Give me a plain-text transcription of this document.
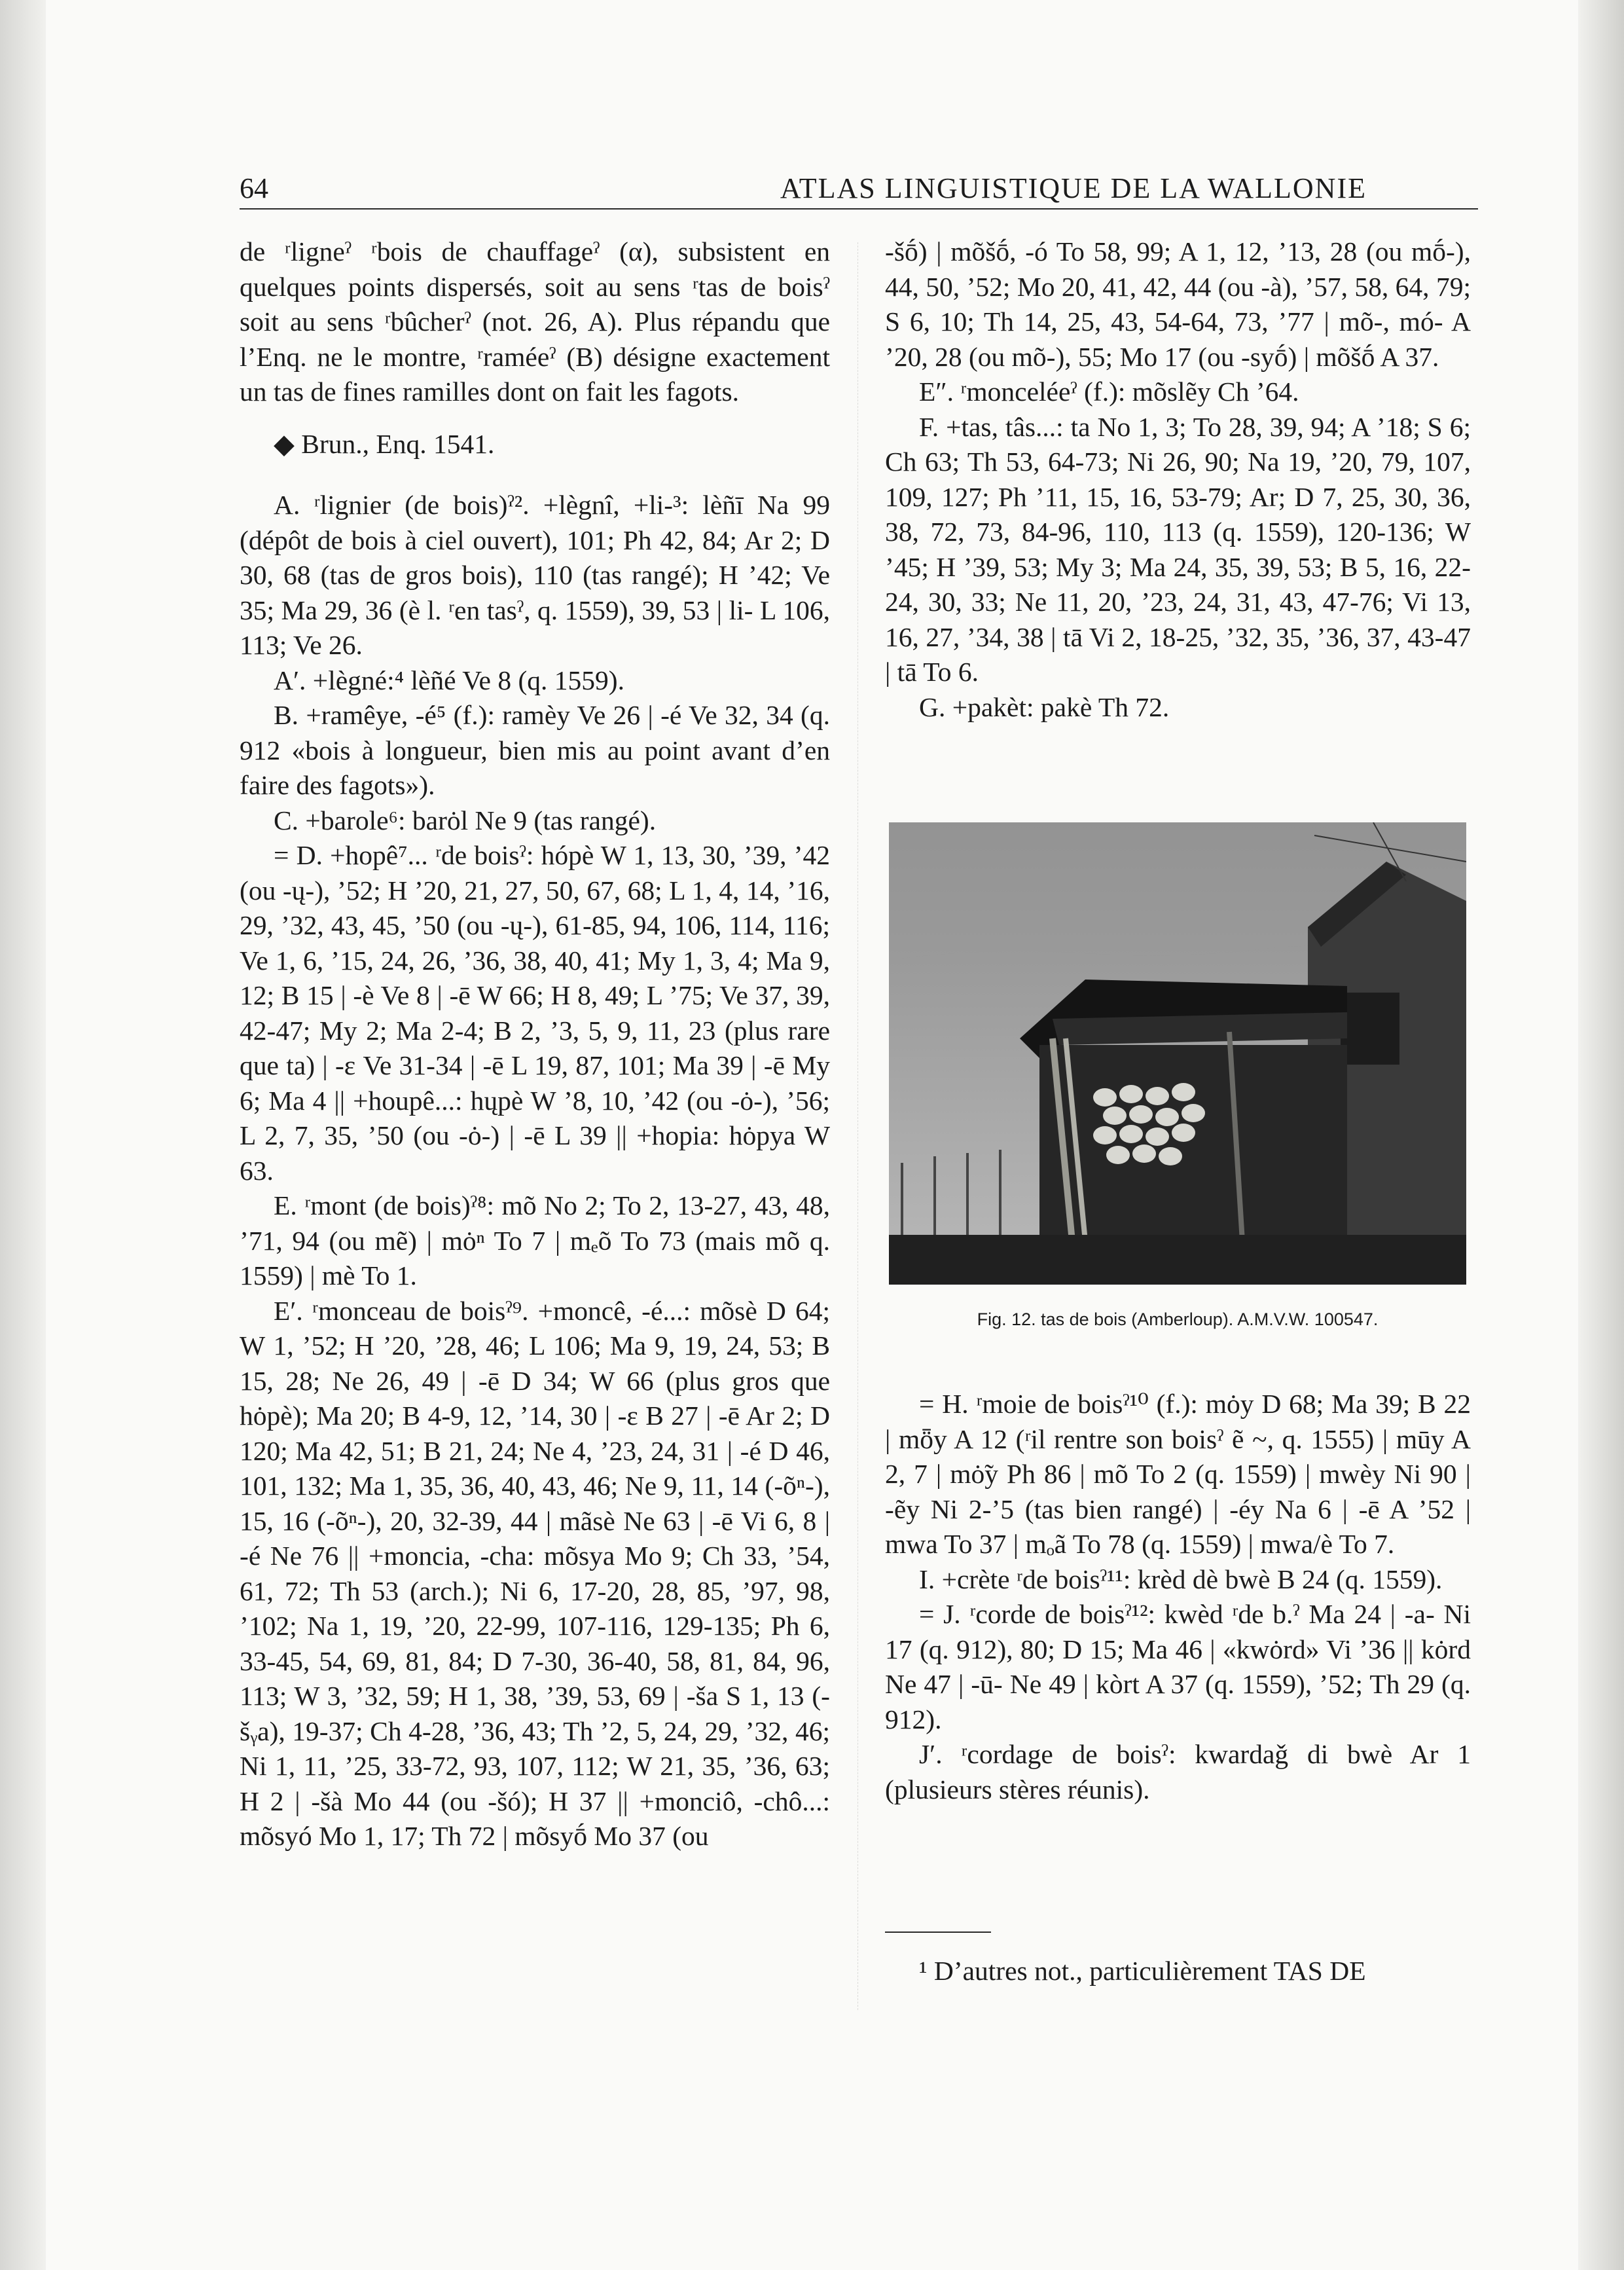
64	ATLAS LINGUISTIQUE DE LA WALLONIE

de ʳligneˀ ʳbois de chauffageˀ (α), subsistent en quelques points dispersés, soit au sens ʳtas de boisˀ soit au sens ʳbûcherˀ (not. 26, A). Plus répandu que l’Enq. ne le montre, ʳraméeˀ (B) désigne exactement un tas de fines ramilles dont on fait les fagots.

◆ Brun., Enq. 1541.

A. ʳlignier (de bois)ˀ². +lègnî, +li-³: lèñī Na 99 (dépôt de bois à ciel ouvert), 101; Ph 42, 84; Ar 2; D 30, 68 (tas de gros bois), 110 (tas rangé); H ’42; Ve 35; Ma 29, 36 (è l. ʳen tasˀ, q. 1559), 39, 53 | li- L 106, 113; Ve 26.

A′. +lègné:⁴ lèñé Ve 8 (q. 1559).

B. +ramêye, -é⁵ (f.): ramèy Ve 26 | -é Ve 32, 34 (q. 912 «bois à longueur, bien mis au point avant d’en faire des fagots»).

C. +barole⁶: barȯl Ne 9 (tas rangé).

= D. +hopê⁷... ʳde boisˀ: hópè W 1, 13, 30, ’39, ’42 (ou -ų-), ’52; H ’20, 21, 27, 50, 67, 68; L 1, 4, 14, ’16, 29, ’32, 43, 45, ’50 (ou -ų-), 61-85, 94, 106, 114, 116; Ve 1, 6, ’15, 24, 26, ’36, 38, 40, 41; My 1, 3, 4; Ma 9, 12; B 15 | -è Ve 8 | -ē W 66; H 8, 49; L ’75; Ve 37, 39, 42-47; My 2; Ma 2-4; B 2, ’3, 5, 9, 11, 23 (plus rare que ta) | -ε Ve 31-34 | -ē L 19, 87, 101; Ma 39 | -ē My 6; Ma 4 || +houpê...: hųpè W ’8, 10, ’42 (ou -ȯ-), ’56; L 2, 7, 35, ’50 (ou -ȯ-) | -ē L 39 || +hopia: hȯpya W 63.

E. ʳmont (de bois)ˀ⁸: mõ No 2; To 2, 13-27, 43, 48, ’71, 94 (ou mẽ) | mȯⁿ To 7 | mₑõ To 73 (mais mõ q. 1559) | mè To 1.

E′. ʳmonceau de boisˀ⁹. +moncê, -é...: mõsè D 64; W 1, ’52; H ’20, ’28, 46; L 106; Ma 9, 19, 24, 53; B 15, 28; Ne 26, 49 | -ē D 34; W 66 (plus gros que hȯpè); Ma 20; B 4-9, 12, ’14, 30 | -ε B 27 | -ē Ar 2; D 120; Ma 42, 51; B 21, 24; Ne 4, ’23, 24, 31 | -é D 46, 101, 132; Ma 1, 35, 36, 40, 43, 46; Ne 9, 11, 14 (-õⁿ-), 15, 16 (-õⁿ-), 20, 32-39, 44 | mãsè Ne 63 | -ē Vi 6, 8 | -é Ne 76 || +moncia, -cha: mõsya Mo 9; Ch 33, ’54, 61, 72; Th 53 (arch.); Ni 6, 17-20, 28, 85, ’97, 98, ’102; Na 1, 19, ’20, 22-99, 107-116, 129-135; Ph 6, 33-45, 54, 69, 81, 84; D 7-30, 36-40, 58, 81, 84, 96, 113; W 3, ’32, 59; H 1, 38, ’39, 53, 69 | -ša S 1, 13 (-šᵧa), 19-37; Ch 4-28, ’36, 43; Th ’2, 5, 24, 29, ’32, 46; Ni 1, 11, ’25, 33-72, 93, 107, 112; W 21, 35, ’36, 63; H 2 | -šà Mo 44 (ou -šó); H 37 || +monciô, -chô...: mõsyó Mo 1, 17; Th 72 | mõsyṓ Mo 37 (ou

-šṓ) | mõšṓ, -ó To 58, 99; A 1, 12, ’13, 28 (ou mṓ-), 44, 50, ’52; Mo 20, 41, 42, 44 (ou -à), ’57, 58, 64, 79; S 6, 10; Th 14, 25, 43, 54-64, 73, ’77 | mõ-, mó- A ’20, 28 (ou mõ-), 55; Mo 17 (ou -syṓ) | mõšṓ A 37.

E″. ʳmonceléeˀ (f.): mõslẽy Ch ’64.

F. +tas, tâs...: ta No 1, 3; To 28, 39, 94; A ’18; S 6; Ch 63; Th 53, 64-73; Ni 26, 90; Na 19, ’20, 79, 107, 109, 127; Ph ’11, 15, 16, 53-79; Ar; D 7, 25, 30, 36, 38, 72, 73, 84-96, 110, 113 (q. 1559), 120-136; W ’45; H ’39, 53; My 3; Ma 24, 35, 39, 53; B 5, 16, 22-24, 30, 33; Ne 11, 20, ’23, 24, 31, 43, 47-76; Vi 13, 16, 27, ’34, 38 | tā Vi 2, 18-25, ’32, 35, ’36, 37, 43-47 | tā To 6.

G. +pakèt: pakè Th 72.

Fig. 12. tas de bois (Amberloup). A.M.V.W. 100547.

= H. ʳmoie de boisˀ¹⁰ (f.): mȯy D 68; Ma 39; B 22 | mȫy A 12 (ʳil rentre son boisˀ ẽ ~, q. 1555) | mūy A 2, 7 | mȯ̃y Ph 86 | mõ To 2 (q. 1559) | mwèy Ni 90 | -ẽy Ni 2-’5 (tas bien rangé) | -éy Na 6 | -ē A ’52 | mwa To 37 | mₒã To 78 (q. 1559) | mwa/è To 7.

I. +crète ʳde boisˀ¹¹: krèd dè bwè B 24 (q. 1559).

= J. ʳcorde de boisˀ¹²: kwèd ʳde b.ˀ Ma 24 | -a- Ni 17 (q. 912), 80; D 15; Ma 46 | «kwȯrd» Vi ’36 || kȯrd Ne 47 | -ū- Ne 49 | kòrt A 37 (q. 1559), ’52; Th 29 (q. 912).

J′. ʳcordage de boisˀ: kwardaǧ di bwè Ar 1 (plusieurs stères réunis).

¹ D’autres not., particulièrement TAS DE
